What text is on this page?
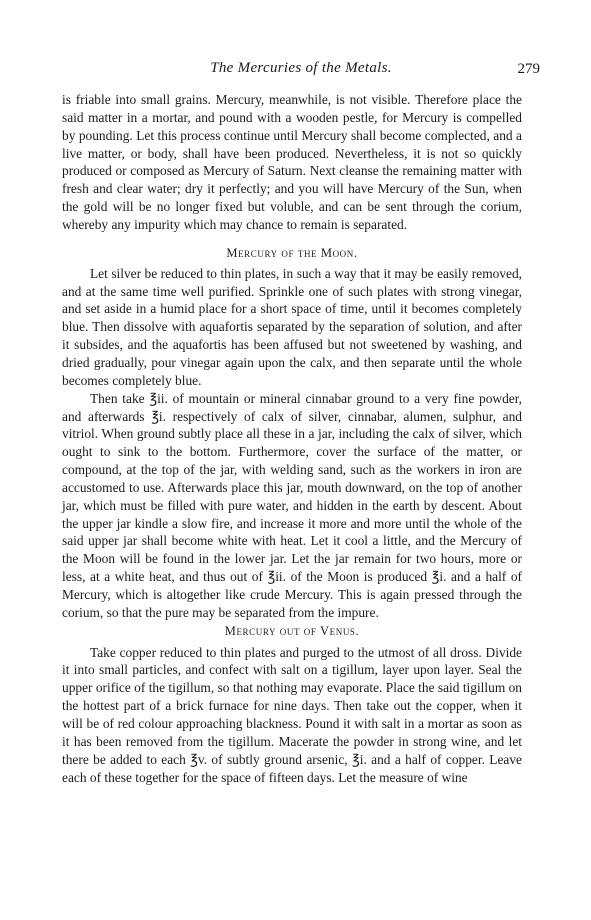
The Mercuries of the Metals.	279

is friable into small grains. Mercury, meanwhile, is not visible. Therefore place the said matter in a mortar, and pound with a wooden pestle, for Mercury is compelled by pounding. Let this process continue until Mercury shall become complected, and a live matter, or body, shall have been produced. Nevertheless, it is not so quickly produced or composed as Mercury of Saturn. Next cleanse the remaining matter with fresh and clear water; dry it perfectly; and you will have Mercury of the Sun, when the gold will be no longer fixed but voluble, and can be sent through the corium, whereby any impurity which may chance to remain is separated.

Mercury of the Moon.

Let silver be reduced to thin plates, in such a way that it may be easily removed, and at the same time well purified. Sprinkle one of such plates with strong vinegar, and set aside in a humid place for a short space of time, until it becomes completely blue. Then dissolve with aquafortis separated by the separation of solution, and after it subsides, and the aquafortis has been affused but not sweetened by washing, and dried gradually, pour vinegar again upon the calx, and then separate until the whole becomes completely blue.

Then take ℥ii. of mountain or mineral cinnabar ground to a very fine powder, and afterwards ℥i. respectively of calx of silver, cinnabar, alumen, sulphur, and vitriol. When ground subtly place all these in a jar, including the calx of silver, which ought to sink to the bottom. Furthermore, cover the surface of the matter, or compound, at the top of the jar, with welding sand, such as the workers in iron are accustomed to use. Afterwards place this jar, mouth downward, on the top of another jar, which must be filled with pure water, and hidden in the earth by descent. About the upper jar kindle a slow fire, and increase it more and more until the whole of the said upper jar shall become white with heat. Let it cool a little, and the Mercury of the Moon will be found in the lower jar. Let the jar remain for two hours, more or less, at a white heat, and thus out of ℥ii. of the Moon is produced ℥i. and a half of Mercury, which is altogether like crude Mercury. This is again pressed through the corium, so that the pure may be separated from the impure.

Mercury out of Venus.

Take copper reduced to thin plates and purged to the utmost of all dross. Divide it into small particles, and confect with salt on a tigillum, layer upon layer. Seal the upper orifice of the tigillum, so that nothing may evaporate. Place the said tigillum on the hottest part of a brick furnace for nine days. Then take out the copper, when it will be of red colour approaching blackness. Pound it with salt in a mortar as soon as it has been removed from the tigillum. Macerate the powder in strong wine, and let there be added to each ℥v. of subtly ground arsenic, ℥i. and a half of copper. Leave each of these together for the space of fifteen days. Let the measure of wine
